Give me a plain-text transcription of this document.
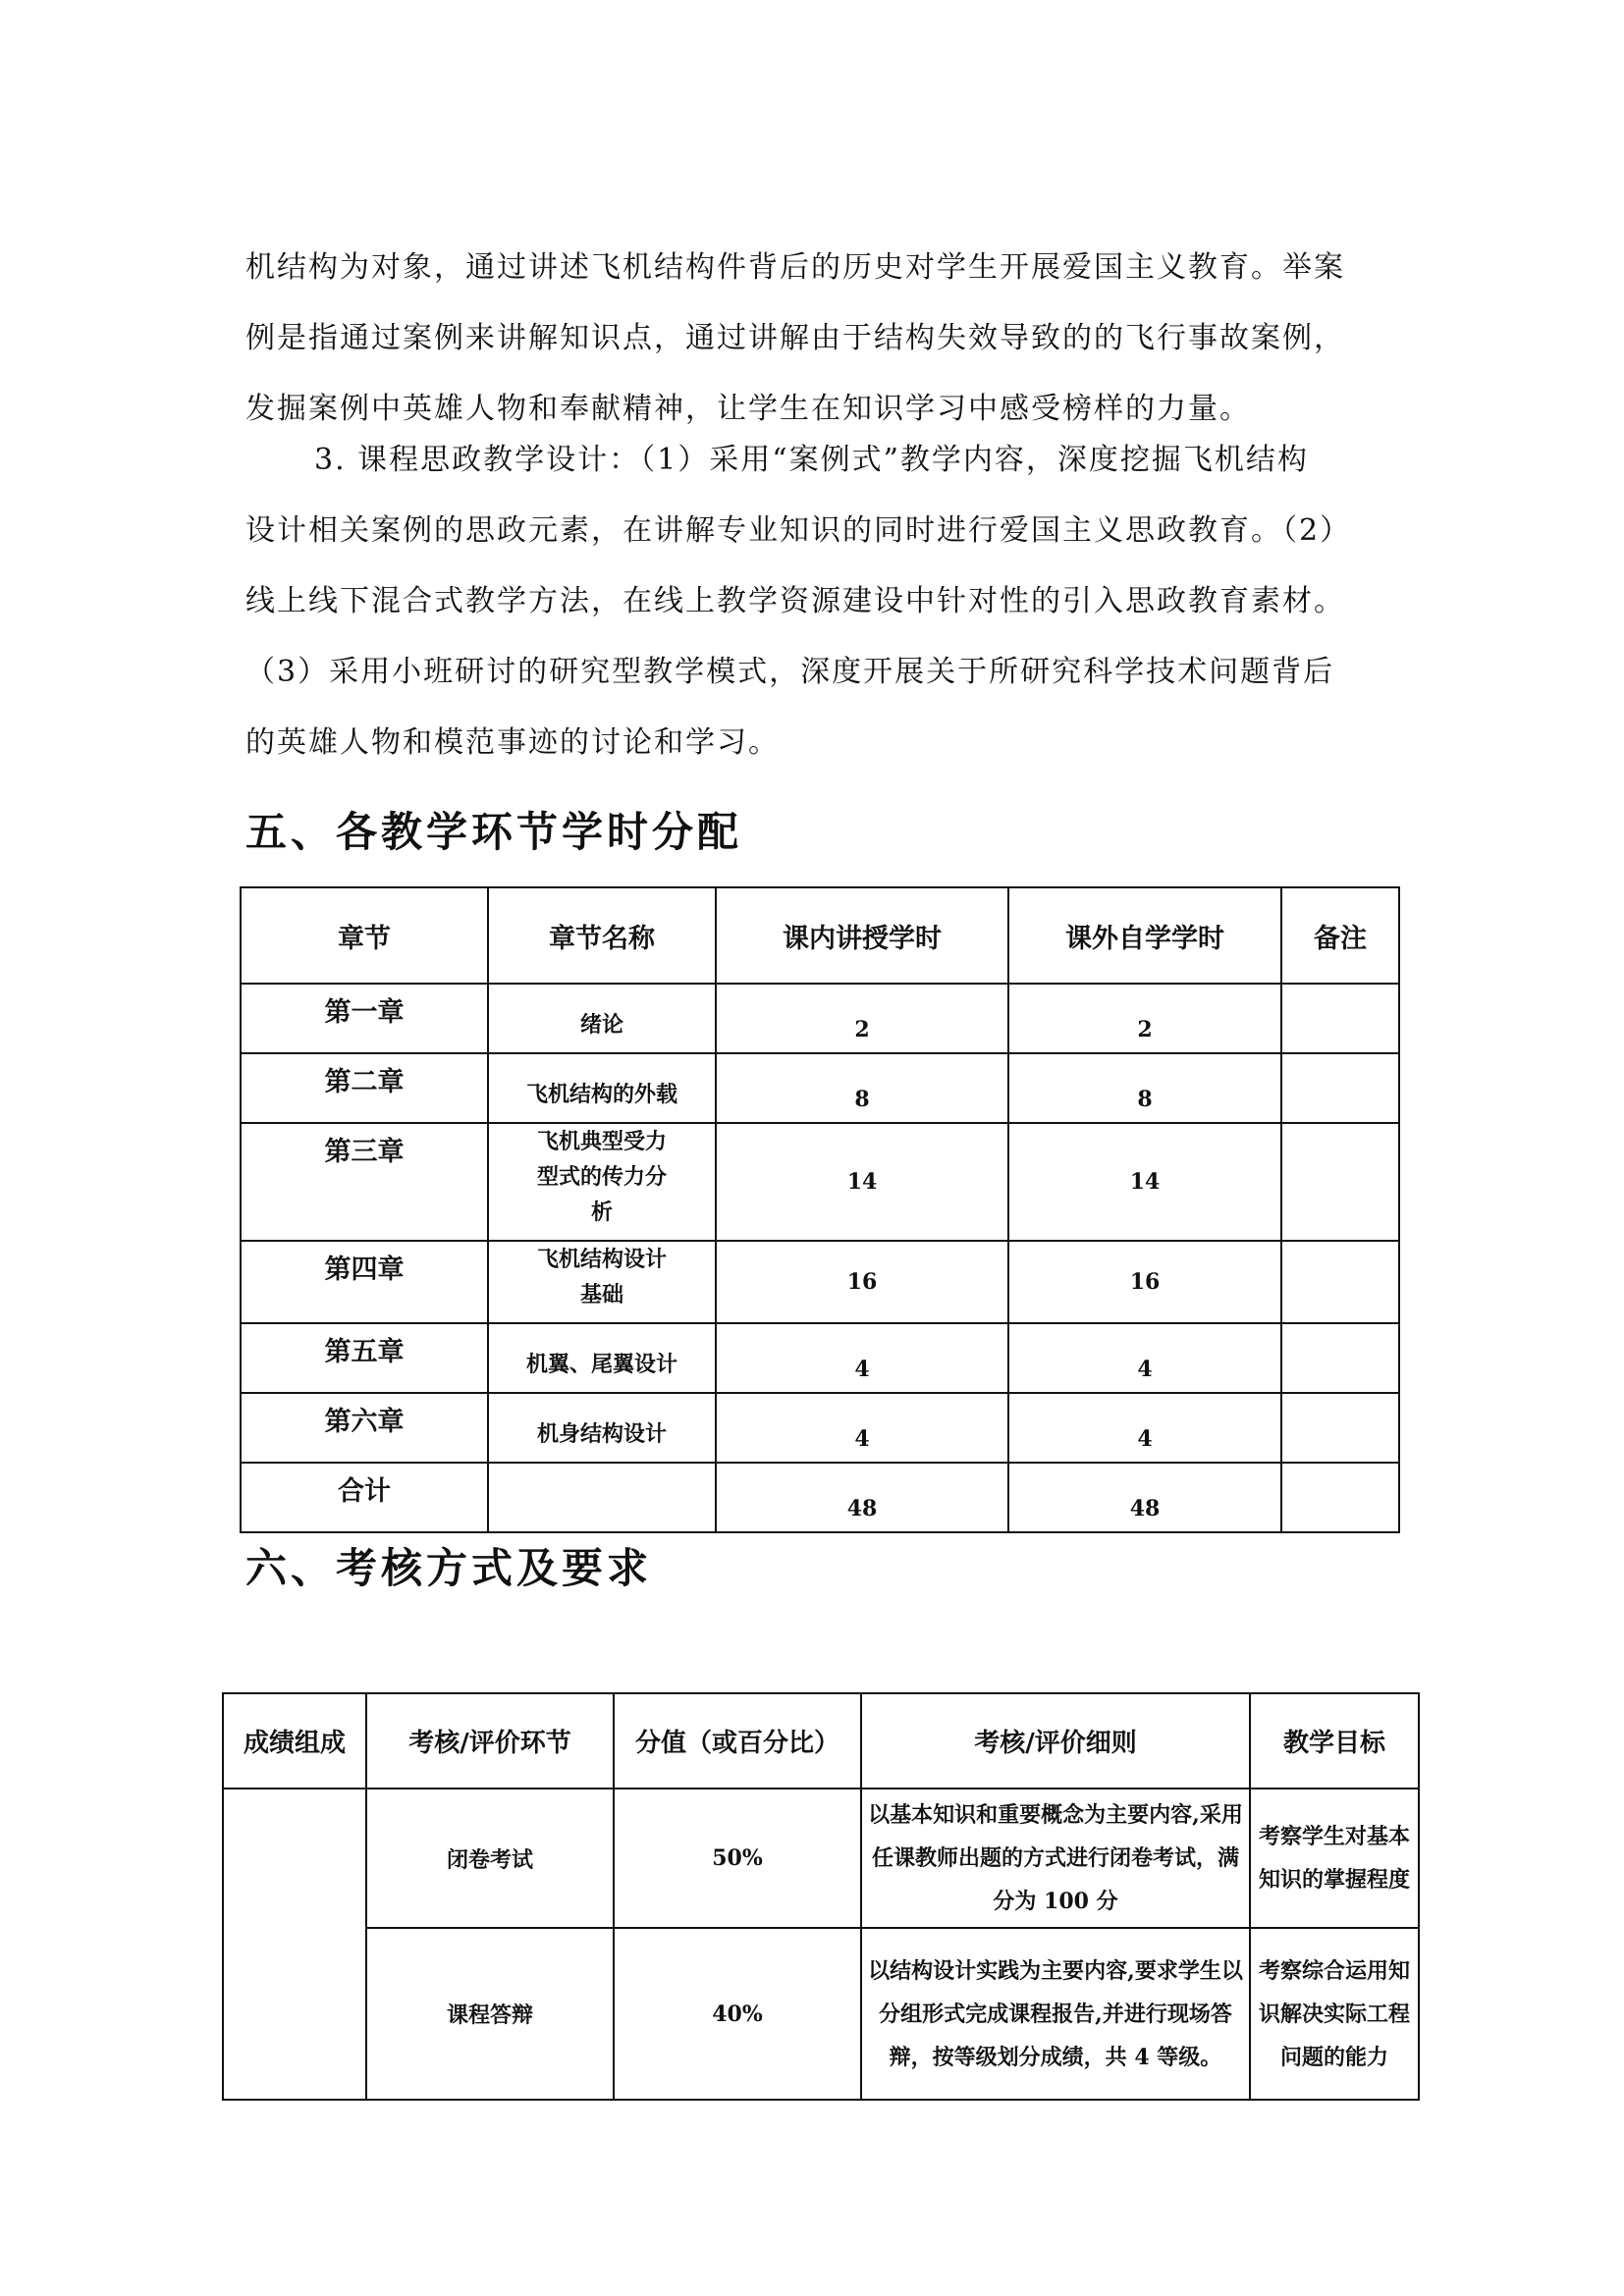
机结构为对象，通过讲述飞机结构件背后的历史对学生开展爱国主义教育。举案
例是指通过案例来讲解知识点，通过讲解由于结构失效导致的的飞行事故案例，
发掘案例中英雄人物和奉献精神，让学生在知识学习中感受榜样的力量。
3. 课程思政教学设计：（1）采用“案例式”教学内容，深度挖掘飞机结构
设计相关案例的思政元素，在讲解专业知识的同时进行爱国主义思政教育。（2）
线上线下混合式教学方法，在线上教学资源建设中针对性的引入思政教育素材。
（3）采用小班研讨的研究型教学模式，深度开展关于所研究科学技术问题背后
的英雄人物和模范事迹的讨论和学习。
五、各教学环节学时分配
章节	章节名称	课内讲授学时	课外自学学时	备注
第一章	绪论	2	2	
第二章	飞机结构的外载	8	8	
第三章	飞机典型受力型式的传力分析	14	14	
第四章	飞机结构设计基础	16	16	
第五章	机翼、尾翼设计	4	4	
第六章	机身结构设计	4	4	
合计		48	48	
六、考核方式及要求
成绩组成	考核/评价环节	分值（或百分比）	考核/评价细则	教学目标
	闭卷考试	50%	以基本知识和重要概念为主要内容,采用任课教师出题的方式进行闭卷考试，满分为 100 分	考察学生对基本知识的掌握程度
	课程答辩	40%	以结构设计实践为主要内容,要求学生以分组形式完成课程报告,并进行现场答辩，按等级划分成绩，共 4 等级。	考察综合运用知识解决实际工程问题的能力
